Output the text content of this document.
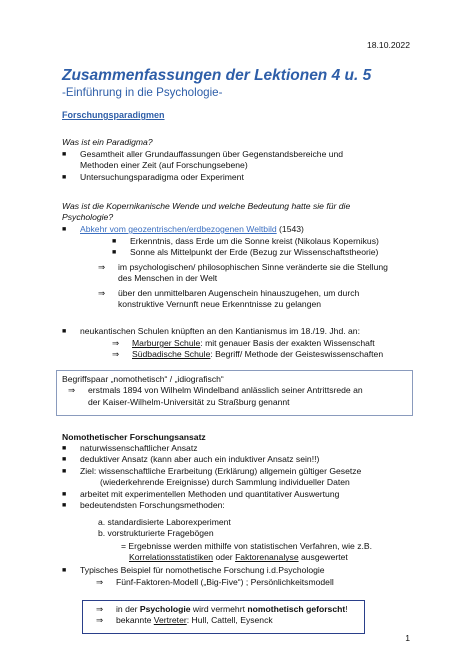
18.10.2022
Zusammenfassungen der Lektionen 4 u. 5
-Einführung in die Psychologie-
Forschungsparadigmen
Was ist ein Paradigma?
■	Gesamtheit aller Grundauffassungen über Gegenstandsbereiche und
Methoden einer Zeit (auf Forschungsebene)
■	Untersuchungsparadigma oder Experiment
Was ist die Kopernikanische Wende und welche Bedeutung hatte sie für die
Psychologie?
■	Abkehr vom geozentrischen/erdbezogenen Weltbild (1543)
■	Erkenntnis, dass Erde um die Sonne kreist (Nikolaus Kopernikus)
■	Sonne als Mittelpunkt der Erde (Bezug zur Wissenschaftstheorie)
⇒	im psychologischen/ philosophischen Sinne veränderte sie die Stellung
des Menschen in der Welt
⇒	über den unmittelbaren Augenschein hinauszugehen, um durch
konstruktive Vernunft neue Erkenntnisse zu gelangen
■	neukantischen Schulen knüpften an den Kantianismus im 18./19. Jhd. an:
⇒	Marburger Schule: mit genauer Basis der exakten Wissenschaft
⇒	Südbadische Schule: Begriff/ Methode der Geisteswissenschaften
Begriffspaar „nomothetisch“ / „idiografisch“
⇒	erstmals 1894 von Wilhelm Windelband anlässlich seiner Antrittsrede an
der Kaiser-Wilhelm-Universität zu Straßburg genannt
Nomothetischer Forschungsansatz
■	naturwissenschaftlicher Ansatz
■	deduktiver Ansatz (kann aber auch ein induktiver Ansatz sein!!)
■	Ziel: wissenschaftliche Erarbeitung (Erklärung) allgemein gültiger Gesetze
(wiederkehrende Ereignisse) durch Sammlung individueller Daten
■	arbeitet mit experimentellen Methoden und quantitativer Auswertung
■	bedeutendsten Forschungsmethoden:
a. standardisierte Laborexperiment
b. vorstrukturierte Fragebögen
= Ergebnisse werden mithilfe von statistischen Verfahren, wie z.B.
Korrelationsstatistiken oder Faktorenanalyse ausgewertet
■	Typisches Beispiel für nomothetische Forschung i.d.Psychologie
⇒	Fünf-Faktoren-Modell („Big-Five“) ; Persönlichkeitsmodell
⇒	in der Psychologie wird vermehrt nomothetisch geforscht!
⇒	bekannte Vertreter: Hull, Cattell, Eysenck
1
